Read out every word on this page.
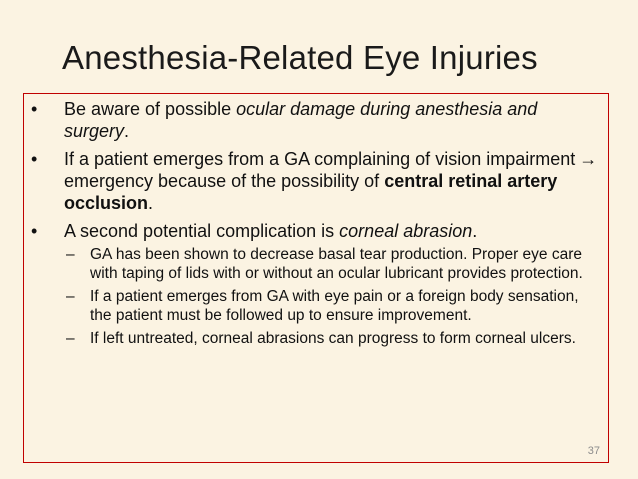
Anesthesia-Related Eye Injuries
•	Be aware of possible ocular damage during anesthesia and surgery.
•	If a patient emerges from a GA complaining of vision impairment → emergency because of the possibility of central retinal artery occlusion.
•	A second potential complication is corneal abrasion.
– GA has been shown to decrease basal tear production. Proper eye care with taping of lids with or without an ocular lubricant provides protection.
– If a patient emerges from GA with eye pain or a foreign body sensation, the patient must be followed up to ensure improvement.
– If left untreated, corneal abrasions can progress to form corneal ulcers.
37
